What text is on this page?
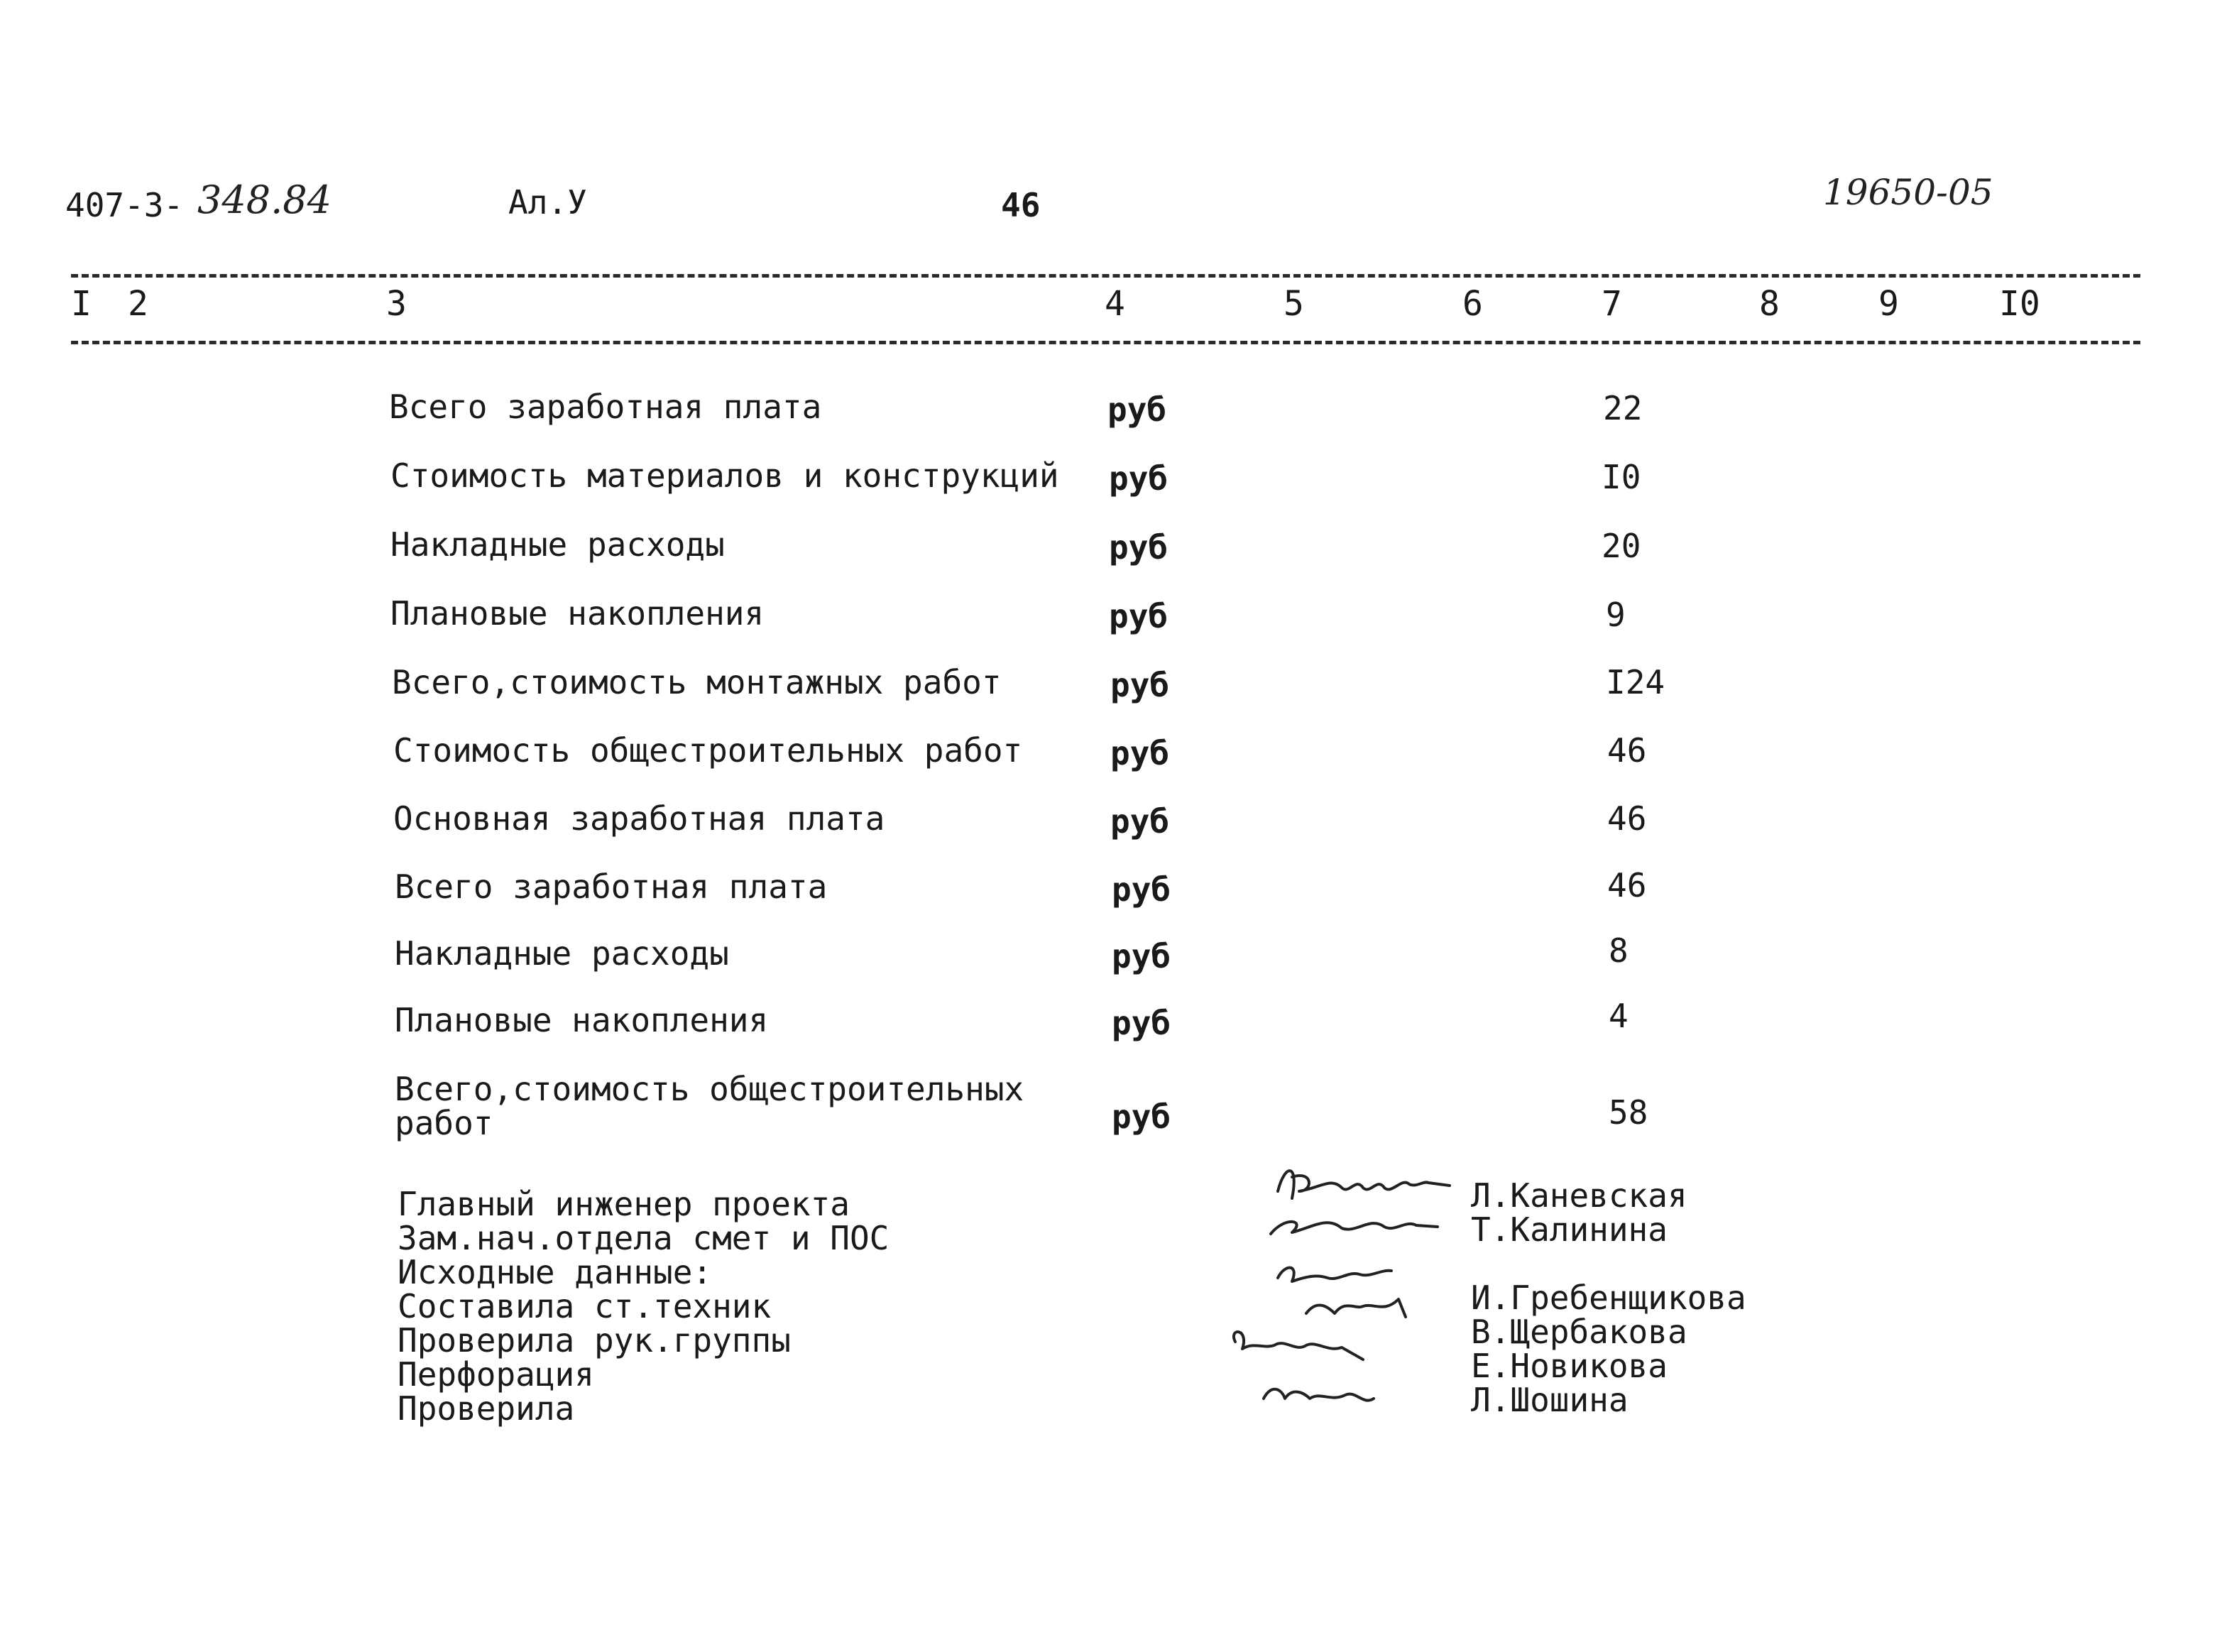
407-3- 348.84	Ал.У	46	19650-05
I 2	3	4	5	6	7	8	9	I0
Всего заработная плата	руб	22
Стоимость материалов и конструкций руб	I0
Накладные расходы	руб	20
Плановые накопления	руб	9
Всего,стоимость монтажных работ	руб	I24
Стоимость общестроительных работ	руб	46
Основная заработная плата	руб	46
Всего заработная плата	руб	46
Накладные расходы	руб	8
Плановые накопления	руб	4
Всего,стоимость общестроительных работ	руб	58
Главный инженер проекта
Зам.нач.отдела смет и ПОС
Исходные данные:
Составила ст.техник
Проверила рук.группы
Перфорация
Проверила
Л.Каневская
Т.Калинина
И.Гребенщикова
В.Щербакова
Е.Новикова
Л.Шошина
